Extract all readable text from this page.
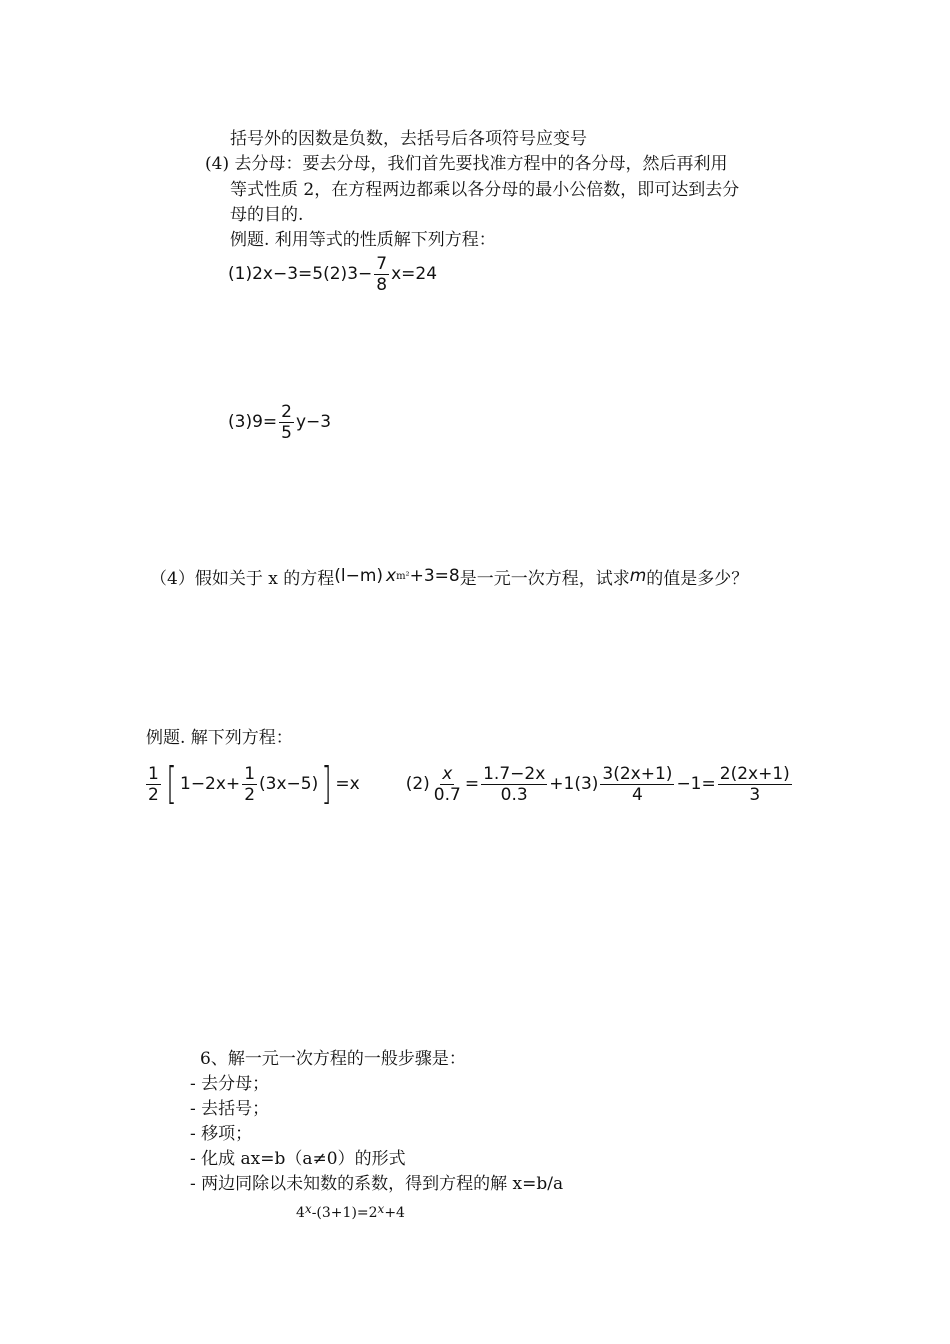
括号外的因数是负数，去括号后各项符号应变号
(4) 去分母：要去分母，我们首先要找准方程中的各分母，然后再利用
等式性质 2，在方程两边都乘以各分母的最小公倍数，即可达到去分
母的目的.
例题. 利用等式的性质解下列方程：
(1) 2x−3=5 (2) $3- \frac{7}{8} x=24$
(3) $9= \frac{2}{5} y-3$
（4）假如关于 x 的方程 (l−m) x m² +3=8 是一元一次方程，试求 m 的值是多少？
例题. 解下列方程：
$\frac{1}{2}$ [ $1-2x+ \frac{1}{2} (3x-5)$ ] =x	$(2) \frac{x}{0.7} = \frac{1.7-2x}{0.3} +1$ $(3) \frac{3(2x+1)}{4} -1= \frac{2(2x+1)}{3}$
6、解一元一次方程的一般步骤是：
- 去分母；
- 去括号；
- 移项；
- 化成 ax=b（a≠0）的形式
- 两边同除以未知数的系数，得到方程的解 x=b/a
$4^x-(3+1)=2^x+4$
